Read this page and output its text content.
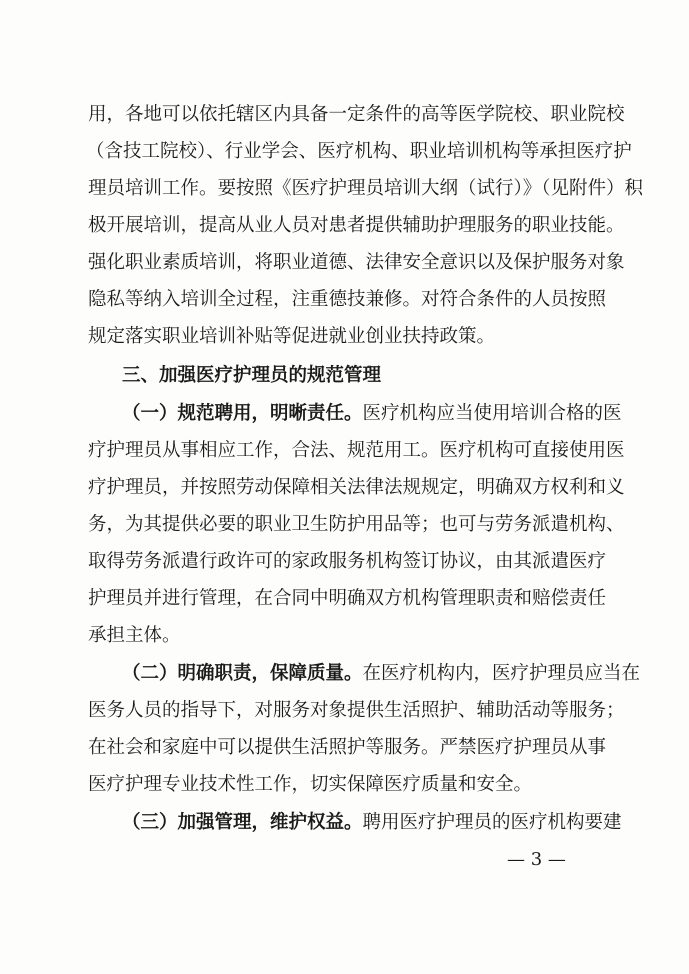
用，各地可以依托辖区内具备一定条件的高等医学院校、职业院校
（含技工院校）、行业学会、医疗机构、职业培训机构等承担医疗护
理员培训工作。要按照《医疗护理员培训大纲（试行）》（见附件）积
极开展培训，提高从业人员对患者提供辅助护理服务的职业技能。
强化职业素质培训，将职业道德、法律安全意识以及保护服务对象
隐私等纳入培训全过程，注重德技兼修。对符合条件的人员按照
规定落实职业培训补贴等促进就业创业扶持政策。
三、加强医疗护理员的规范管理
（一）规范聘用，明晰责任。医疗机构应当使用培训合格的医
疗护理员从事相应工作，合法、规范用工。医疗机构可直接使用医
疗护理员，并按照劳动保障相关法律法规规定，明确双方权利和义
务，为其提供必要的职业卫生防护用品等；也可与劳务派遣机构、
取得劳务派遣行政许可的家政服务机构签订协议，由其派遣医疗
护理员并进行管理，在合同中明确双方机构管理职责和赔偿责任
承担主体。
（二）明确职责，保障质量。在医疗机构内，医疗护理员应当在
医务人员的指导下，对服务对象提供生活照护、辅助活动等服务；
在社会和家庭中可以提供生活照护等服务。严禁医疗护理员从事
医疗护理专业技术性工作，切实保障医疗质量和安全。
（三）加强管理，维护权益。聘用医疗护理员的医疗机构要建
— 3 —
